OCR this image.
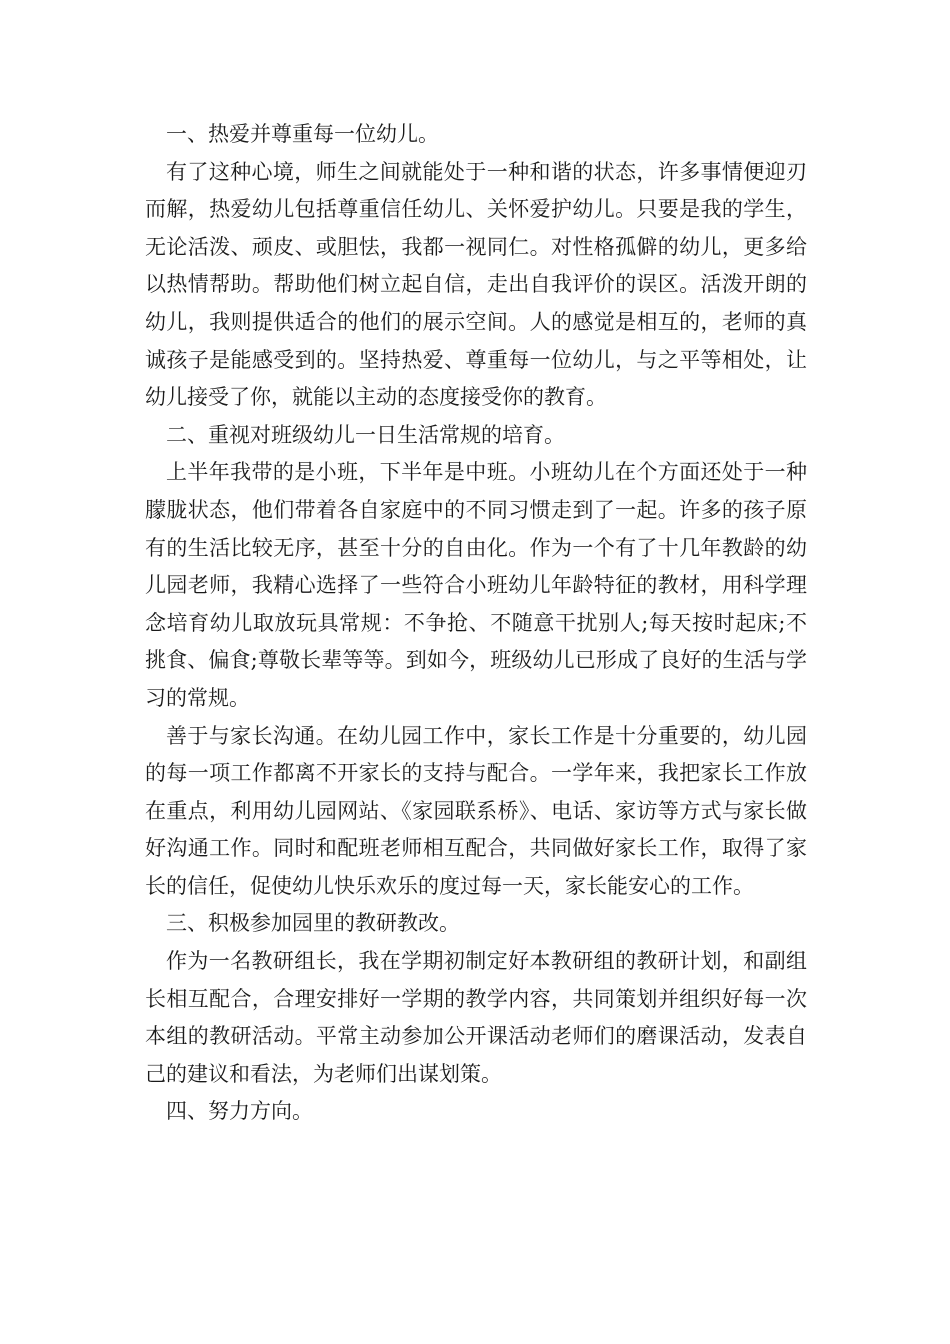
一、热爱并尊重每一位幼儿。

有了这种心境，师生之间就能处于一种和谐的状态，许多事情便迎刃而解，热爱幼儿包括尊重信任幼儿、关怀爱护幼儿。只要是我的学生，无论活泼、顽皮、或胆怯，我都一视同仁。对性格孤僻的幼儿，更多给以热情帮助。帮助他们树立起自信，走出自我评价的误区。活泼开朗的幼儿，我则提供适合的他们的展示空间。人的感觉是相互的，老师的真诚孩子是能感受到的。坚持热爱、尊重每一位幼儿，与之平等相处，让幼儿接受了你，就能以主动的态度接受你的教育。

二、重视对班级幼儿一日生活常规的培育。

上半年我带的是小班，下半年是中班。小班幼儿在个方面还处于一种朦胧状态，他们带着各自家庭中的不同习惯走到了一起。许多的孩子原有的生活比较无序，甚至十分的自由化。作为一个有了十几年教龄的幼儿园老师，我精心选择了一些符合小班幼儿年龄特征的教材，用科学理念培育幼儿取放玩具常规：不争抢、不随意干扰别人;每天按时起床;不挑食、偏食;尊敬长辈等等。到如今，班级幼儿已形成了良好的生活与学习的常规。

善于与家长沟通。在幼儿园工作中，家长工作是十分重要的，幼儿园的每一项工作都离不开家长的支持与配合。一学年来，我把家长工作放在重点，利用幼儿园网站、《家园联系桥》、电话、家访等方式与家长做好沟通工作。同时和配班老师相互配合，共同做好家长工作，取得了家长的信任，促使幼儿快乐欢乐的度过每一天，家长能安心的工作。

三、积极参加园里的教研教改。

作为一名教研组长，我在学期初制定好本教研组的教研计划，和副组长相互配合，合理安排好一学期的教学内容，共同策划并组织好每一次本组的教研活动。平常主动参加公开课活动老师们的磨课活动，发表自己的建议和看法，为老师们出谋划策。

四、努力方向。
